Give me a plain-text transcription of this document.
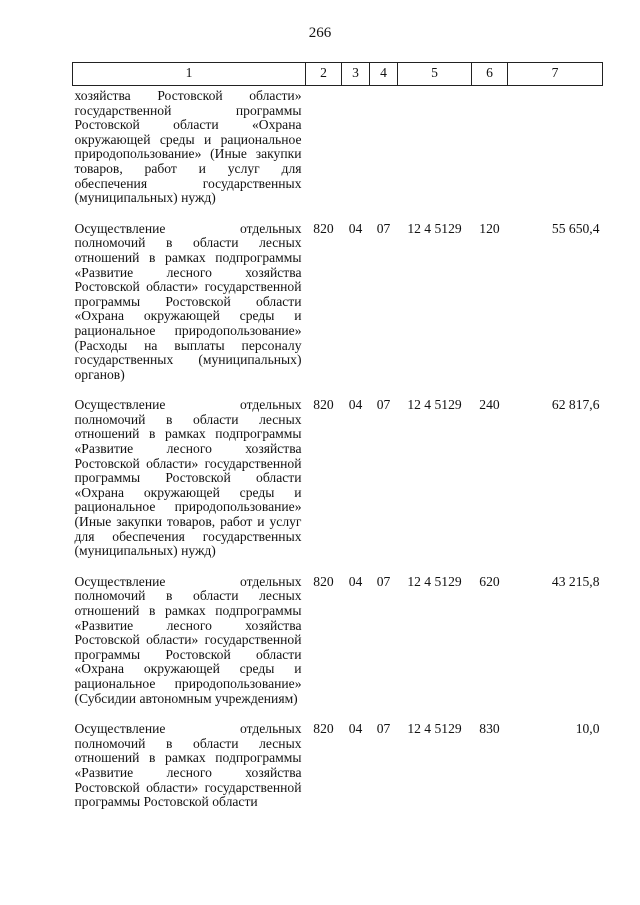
266
1	2	3	4	5	6	7
хозяйства Ростовской области» государственной программы Ростовской области «Охрана окружающей среды и рациональное природопользование» (Иные закупки товаров, работ и услуг для обеспечения государственных (муниципальных) нужд)						
Осуществление отдельных полномочий в области лесных отношений в рамках подпрограммы «Развитие лесного хозяйства Ростовской области» государственной программы Ростовской области «Охрана окружающей среды и рациональное природопользование» (Расходы на выплаты персоналу государственных (муниципальных) органов)	820	04	07	12 4 5129	120	55 650,4
Осуществление отдельных полномочий в области лесных отношений в рамках подпрограммы «Развитие лесного хозяйства Ростовской области» государственной программы Ростовской области «Охрана окружающей среды и рациональное природопользование» (Иные закупки товаров, работ и услуг для обеспечения государственных (муниципальных) нужд)	820	04	07	12 4 5129	240	62 817,6
Осуществление отдельных полномочий в области лесных отношений в рамках подпрограммы «Развитие лесного хозяйства Ростовской области» государственной программы Ростовской области «Охрана окружающей среды и рациональное природопользование» (Субсидии автономным учреждениям)	820	04	07	12 4 5129	620	43 215,8
Осуществление отдельных полномочий в области лесных отношений в рамках подпрограммы «Развитие лесного хозяйства Ростовской области» государственной программы Ростовской области	820	04	07	12 4 5129	830	10,0
